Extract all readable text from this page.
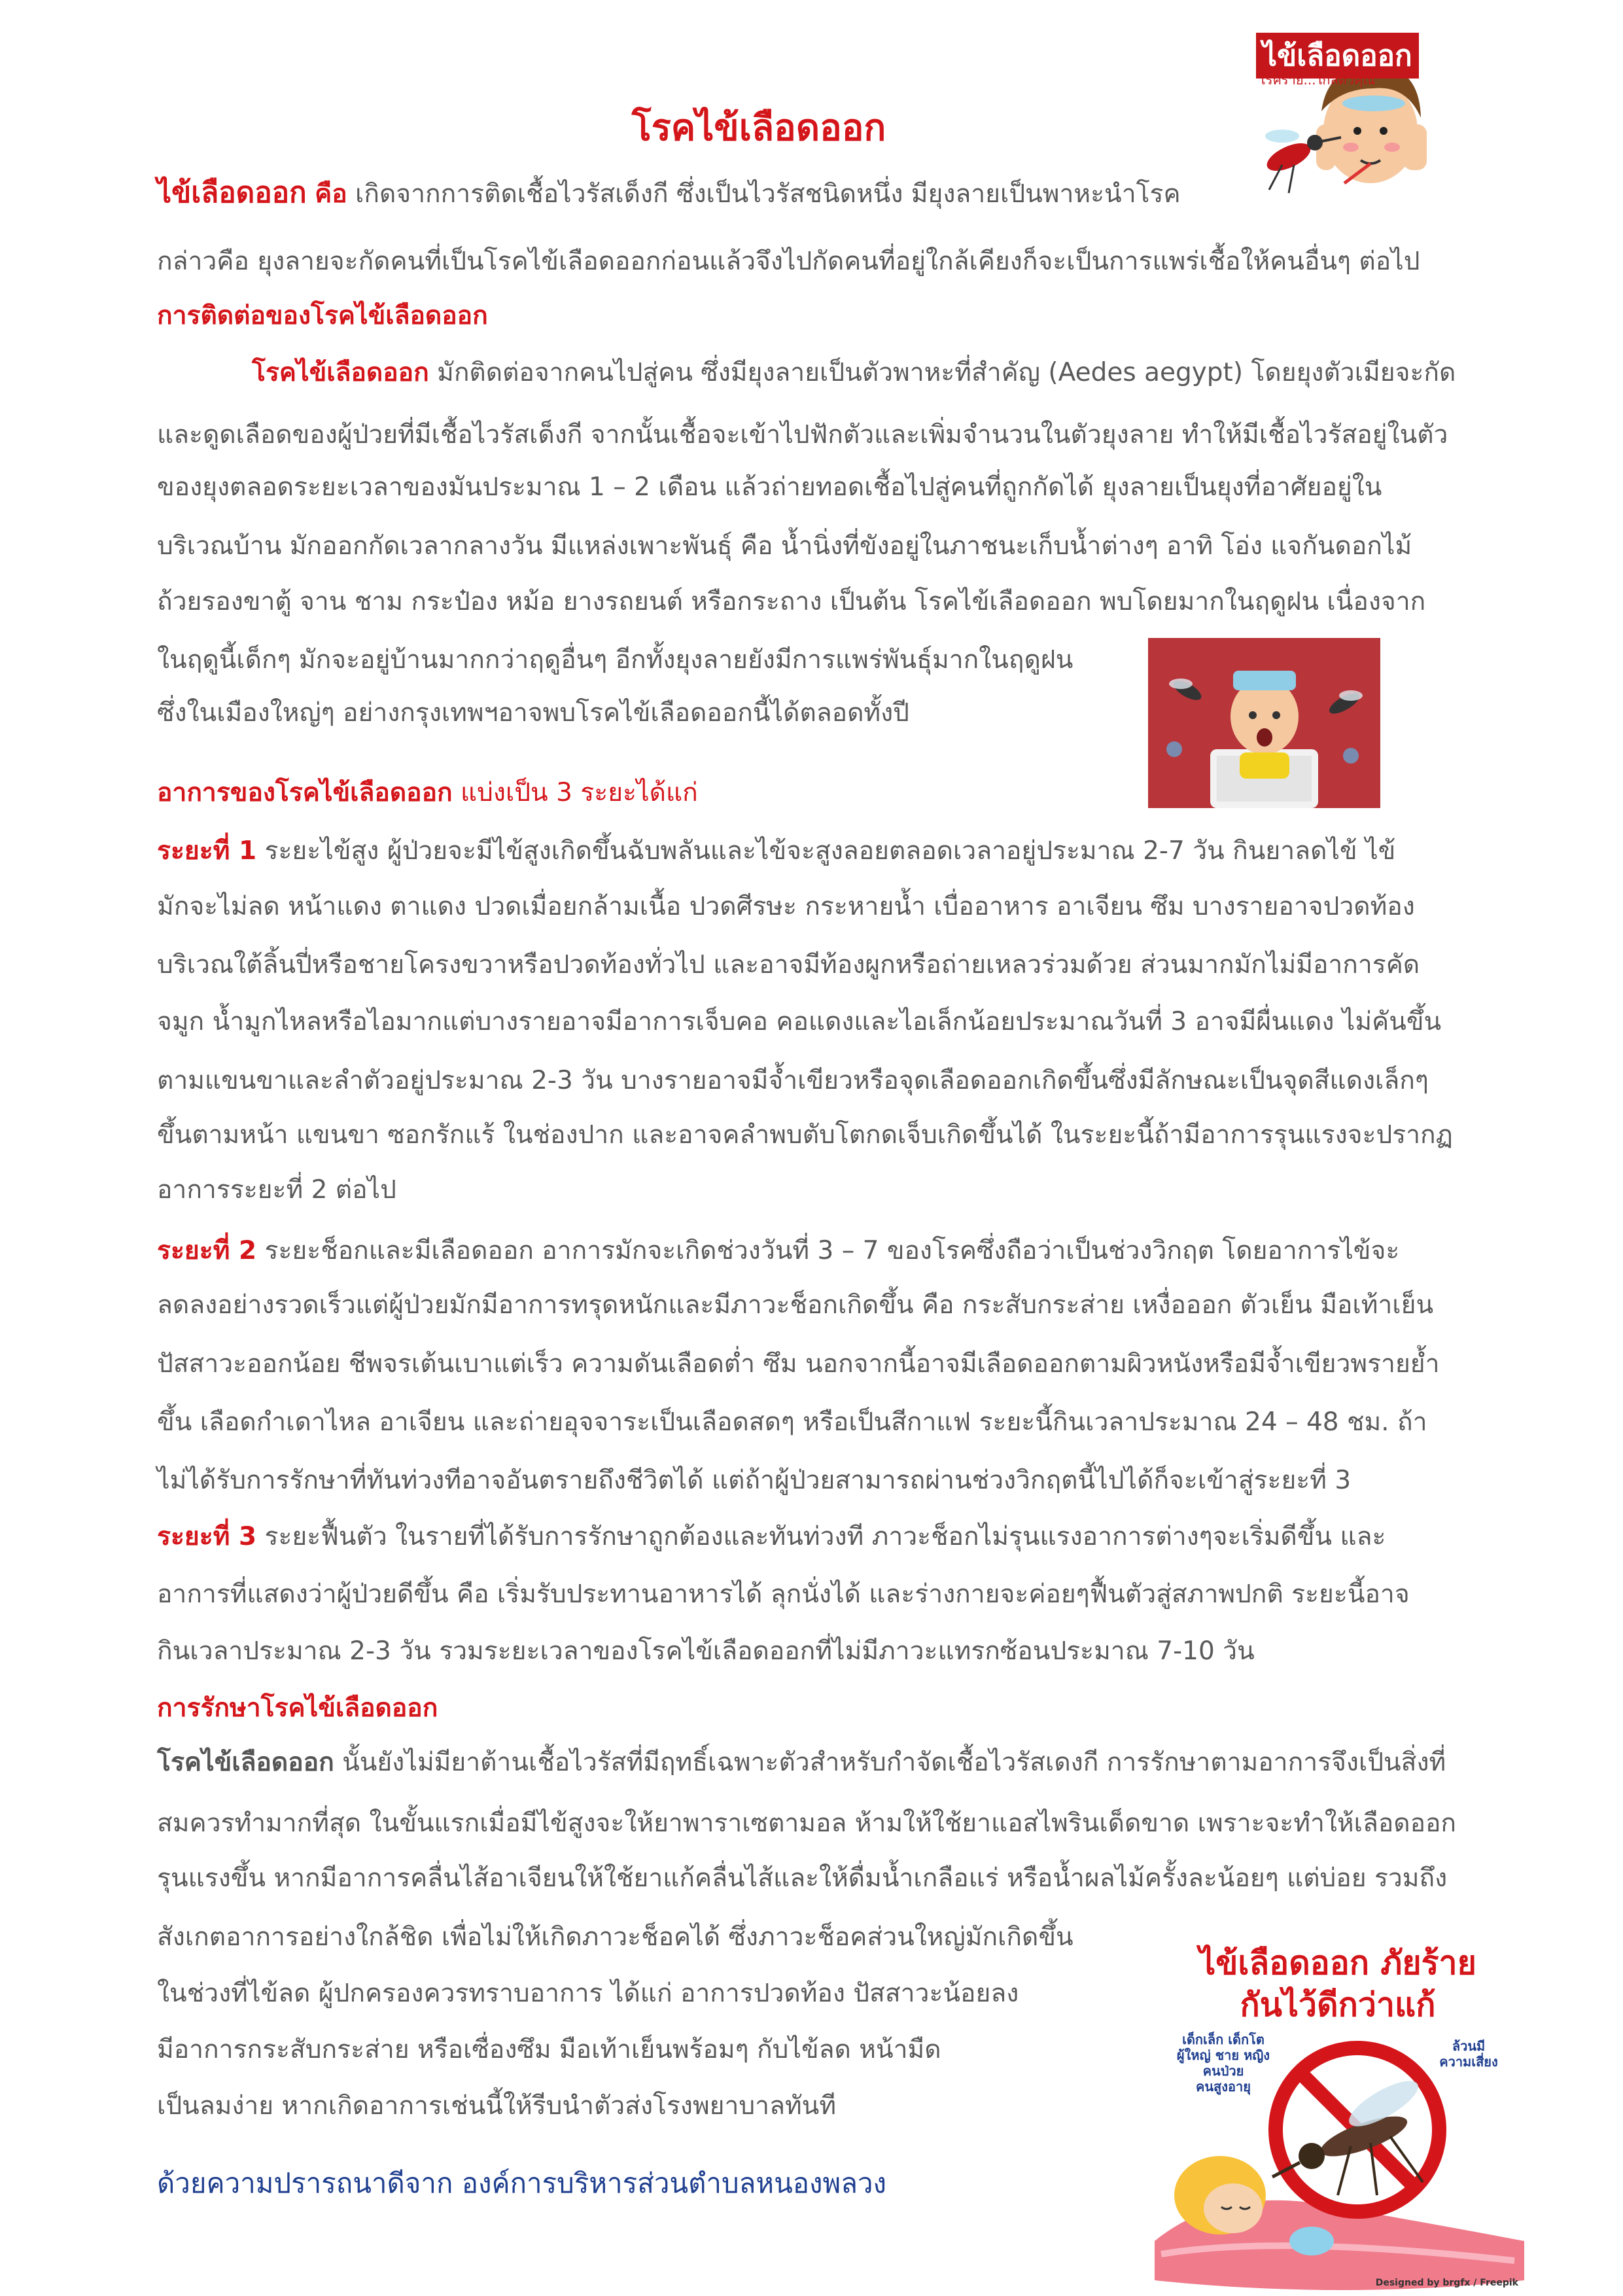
ไข้เลือดออก
โรคร้าย...ใกล้ตัวคุณ
โรคไข้เลือดออก
ไข้เลือดออก คือ เกิดจากการติดเชื้อไวรัสเด็งกี ซึ่งเป็นไวรัสชนิดหนึ่ง มียุงลายเป็นพาหะนำโรค
กล่าวคือ ยุงลายจะกัดคนที่เป็นโรคไข้เลือดออกก่อนแล้วจึงไปกัดคนที่อยู่ใกล้เคียงก็จะเป็นการแพร่เชื้อให้คนอื่นๆ ต่อไป
การติดต่อของโรคไข้เลือดออก
โรคไข้เลือดออก มักติดต่อจากคนไปสู่คน ซึ่งมียุงลายเป็นตัวพาหะที่สำคัญ (Aedes aegypt) โดยยุงตัวเมียจะกัด
และดูดเลือดของผู้ป่วยที่มีเชื้อไวรัสเด็งกี จากนั้นเชื้อจะเข้าไปฟักตัวและเพิ่มจำนวนในตัวยุงลาย ทำให้มีเชื้อไวรัสอยู่ในตัว
ของยุงตลอดระยะเวลาของมันประมาณ 1 – 2 เดือน แล้วถ่ายทอดเชื้อไปสู่คนที่ถูกกัดได้ ยุงลายเป็นยุงที่อาศัยอยู่ใน
บริเวณบ้าน มักออกกัดเวลากลางวัน มีแหล่งเพาะพันธุ์ คือ น้ำนิ่งที่ขังอยู่ในภาชนะเก็บน้ำต่างๆ อาทิ โอ่ง แจกันดอกไม้
ถ้วยรองขาตู้ จาน ชาม กระป๋อง หม้อ ยางรถยนต์ หรือกระถาง เป็นต้น โรคไข้เลือดออก พบโดยมากในฤดูฝน เนื่องจาก
ในฤดูนี้เด็กๆ มักจะอยู่บ้านมากกว่าฤดูอื่นๆ อีกทั้งยุงลายยังมีการแพร่พันธุ์มากในฤดูฝน
ซึ่งในเมืองใหญ่ๆ อย่างกรุงเทพฯอาจพบโรคไข้เลือดออกนี้ได้ตลอดทั้งปี
อาการของโรคไข้เลือดออก แบ่งเป็น 3 ระยะได้แก่
ระยะที่ 1 ระยะไข้สูง ผู้ป่วยจะมีไข้สูงเกิดขึ้นฉับพลันและไข้จะสูงลอยตลอดเวลาอยู่ประมาณ 2-7 วัน กินยาลดไข้ ไข้
มักจะไม่ลด หน้าแดง ตาแดง ปวดเมื่อยกล้ามเนื้อ ปวดศีรษะ กระหายน้ำ เบื่ออาหาร อาเจียน ซึม บางรายอาจปวดท้อง
บริเวณใต้ลิ้นปี่หรือชายโครงขวาหรือปวดท้องทั่วไป และอาจมีท้องผูกหรือถ่ายเหลวร่วมด้วย ส่วนมากมักไม่มีอาการคัด
จมูก น้ำมูกไหลหรือไอมากแต่บางรายอาจมีอาการเจ็บคอ คอแดงและไอเล็กน้อยประมาณวันที่ 3 อาจมีผื่นแดง ไม่คันขึ้น
ตามแขนขาและลำตัวอยู่ประมาณ 2-3 วัน บางรายอาจมีจ้ำเขียวหรือจุดเลือดออกเกิดขึ้นซึ่งมีลักษณะเป็นจุดสีแดงเล็กๆ
ขึ้นตามหน้า แขนขา ซอกรักแร้ ในช่องปาก และอาจคลำพบตับโตกดเจ็บเกิดขึ้นได้ ในระยะนี้ถ้ามีอาการรุนแรงจะปรากฏ
อาการระยะที่ 2 ต่อไป
ระยะที่ 2 ระยะช็อกและมีเลือดออก อาการมักจะเกิดช่วงวันที่ 3 – 7 ของโรคซึ่งถือว่าเป็นช่วงวิกฤต โดยอาการไข้จะ
ลดลงอย่างรวดเร็วแต่ผู้ป่วยมักมีอาการทรุดหนักและมีภาวะช็อกเกิดขึ้น คือ กระสับกระส่าย เหงื่อออก ตัวเย็น มือเท้าเย็น
ปัสสาวะออกน้อย ชีพจรเต้นเบาแต่เร็ว ความดันเลือดต่ำ ซึม นอกจากนี้อาจมีเลือดออกตามผิวหนังหรือมีจ้ำเขียวพรายย้ำ
ขึ้น เลือดกำเดาไหล อาเจียน และถ่ายอุจจาระเป็นเลือดสดๆ หรือเป็นสีกาแฟ ระยะนี้กินเวลาประมาณ 24 – 48 ชม. ถ้า
ไม่ได้รับการรักษาที่ทันท่วงทีอาจอันตรายถึงชีวิตได้ แต่ถ้าผู้ป่วยสามารถผ่านช่วงวิกฤตนี้ไปได้ก็จะเข้าสู่ระยะที่ 3
ระยะที่ 3 ระยะฟื้นตัว ในรายที่ได้รับการรักษาถูกต้องและทันท่วงที ภาวะช็อกไม่รุนแรงอาการต่างๆจะเริ่มดีขึ้น และ
อาการที่แสดงว่าผู้ป่วยดีขึ้น คือ เริ่มรับประทานอาหารได้ ลุกนั่งได้ และร่างกายจะค่อยๆฟื้นตัวสู่สภาพปกติ ระยะนี้อาจ
กินเวลาประมาณ 2-3 วัน รวมระยะเวลาของโรคไข้เลือดออกที่ไม่มีภาวะแทรกซ้อนประมาณ 7-10 วัน
การรักษาโรคไข้เลือดออก
โรคไข้เลือดออก นั้นยังไม่มียาต้านเชื้อไวรัสที่มีฤทธิ์เฉพาะตัวสำหรับกำจัดเชื้อไวรัสเดงกี การรักษาตามอาการจึงเป็นสิ่งที่
สมควรทำมากที่สุด ในขั้นแรกเมื่อมีไข้สูงจะให้ยาพาราเซตามอล ห้ามให้ใช้ยาแอสไพรินเด็ดขาด เพราะจะทำให้เลือดออก
รุนแรงขึ้น หากมีอาการคลื่นไส้อาเจียนให้ใช้ยาแก้คลื่นไส้และให้ดื่มน้ำเกลือแร่ หรือน้ำผลไม้ครั้งละน้อยๆ แต่บ่อย รวมถึง
สังเกตอาการอย่างใกล้ชิด เพื่อไม่ให้เกิดภาวะช็อคได้ ซึ่งภาวะช็อคส่วนใหญ่มักเกิดขึ้น
ในช่วงที่ไข้ลด ผู้ปกครองควรทราบอาการ ได้แก่ อาการปวดท้อง ปัสสาวะน้อยลง
มีอาการกระสับกระส่าย หรือเซื่องซึม มือเท้าเย็นพร้อมๆ กับไข้ลด หน้ามืด
เป็นลมง่าย หากเกิดอาการเช่นนี้ให้รีบนำตัวส่งโรงพยาบาลทันที
ด้วยความปรารถนาดีจาก องค์การบริหารส่วนตำบลหนองพลวง
ไข้เลือดออก ภัยร้าย
กันไว้ดีกว่าแก้
เด็กเล็ก เด็กโต
ผู้ใหญ่ ชาย หญิง
คนป่วย
คนสูงอายุ
ล้วนมี
ความเสี่ยง
Designed by brgfx / Freepik
